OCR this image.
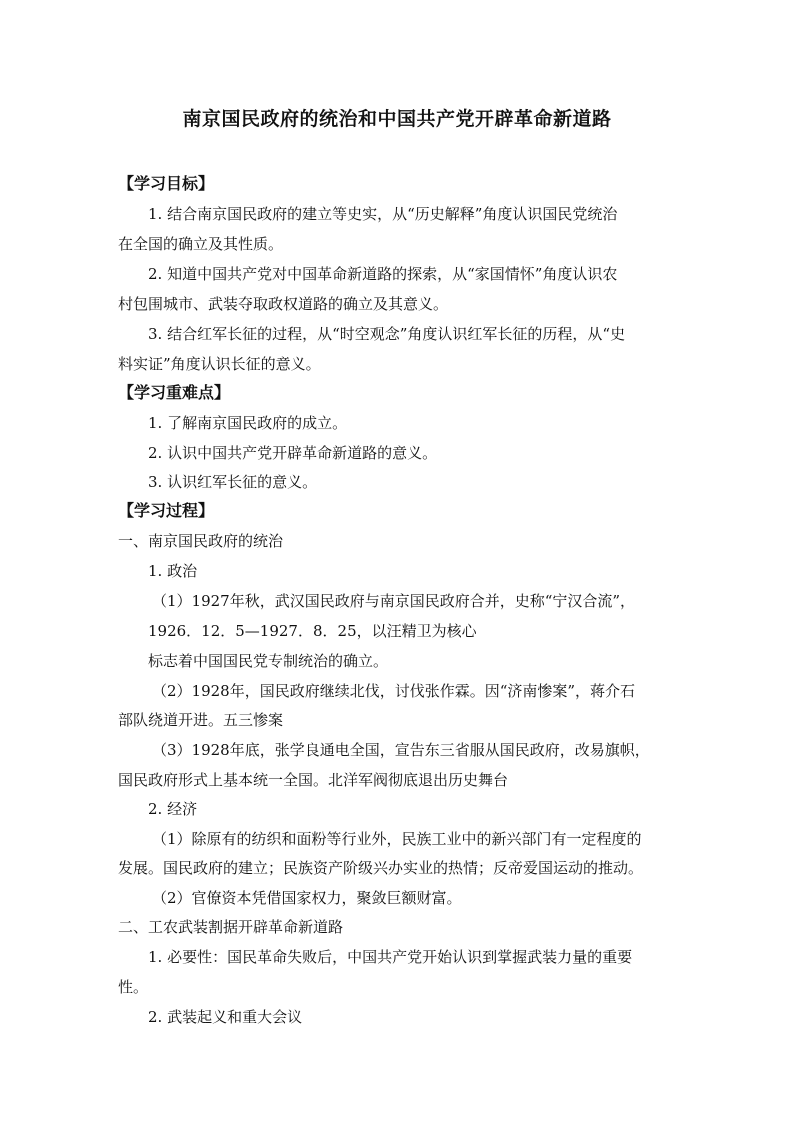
南京国民政府的统治和中国共产党开辟革命新道路
【学习目标】
1. 结合南京国民政府的建立等史实，从“历史解释”角度认识国民党统治
在全国的确立及其性质。
2. 知道中国共产党对中国革命新道路的探索，从“家国情怀”角度认识农
村包围城市、武装夺取政权道路的确立及其意义。
3. 结合红军长征的过程，从“时空观念”角度认识红军长征的历程，从“史
料实证”角度认识长征的意义。
【学习重难点】
1. 了解南京国民政府的成立。
2. 认识中国共产党开辟革命新道路的意义。
3. 认识红军长征的意义。
【学习过程】
一、南京国民政府的统治
1. 政治
（1）1927年秋，武汉国民政府与南京国民政府合并，史称“宁汉合流”，
1926．12．5—1927．8．25，以汪精卫为核心
标志着中国国民党专制统治的确立。
（2）1928年，国民政府继续北伐，讨伐张作霖。因“济南惨案”，蒋介石
部队绕道开进。五三惨案
（3）1928年底，张学良通电全国，宣告东三省服从国民政府，改易旗帜，
国民政府形式上基本统一全国。北洋军阀彻底退出历史舞台
2. 经济
（1）除原有的纺织和面粉等行业外，民族工业中的新兴部门有一定程度的
发展。国民政府的建立；民族资产阶级兴办实业的热情；反帝爱国运动的推动。
（2）官僚资本凭借国家权力，聚敛巨额财富。
二、工农武装割据开辟革命新道路
1. 必要性：国民革命失败后，中国共产党开始认识到掌握武装力量的重要
性。
2. 武装起义和重大会议
